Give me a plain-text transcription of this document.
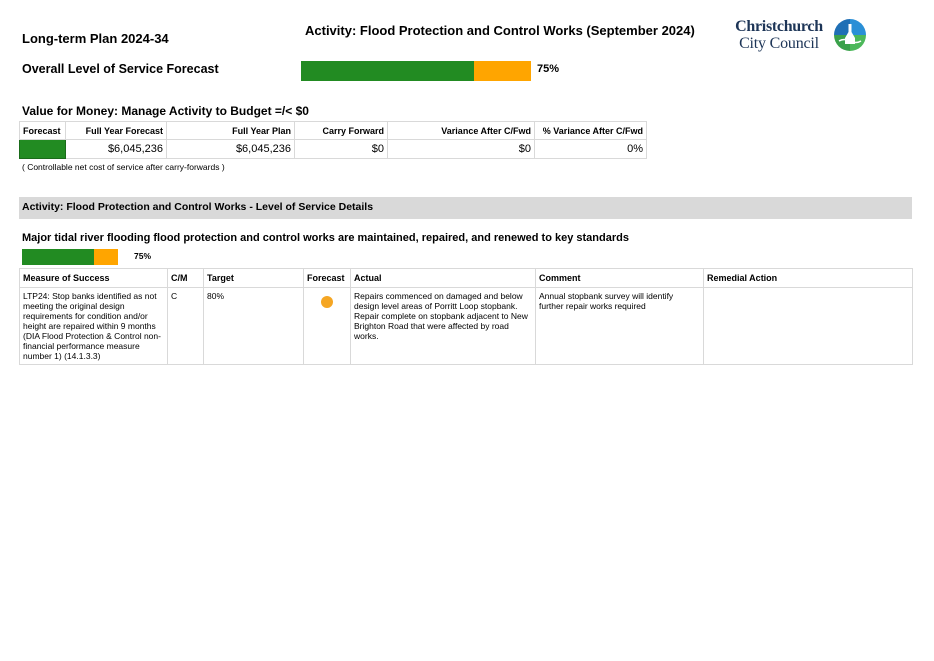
Long-term Plan 2024-34
Activity: Flood Protection and Control Works (September 2024)
Overall Level of Service Forecast	75%
Christchurch
City Council
Value for Money: Manage Activity to Budget =/< $0
Forecast	Full Year Forecast	Full Year Plan	Carry Forward	Variance After C/Fwd	% Variance After C/Fwd
	$6,045,236	$6,045,236	$0	$0	0%
( Controllable net cost of service after carry-forwards )
Activity: Flood Protection and Control Works - Level of Service Details
Major tidal river flooding flood protection and control works are maintained, repaired, and renewed to key standards
75%
Measure of Success	C/M	Target	Forecast	Actual	Comment	Remedial Action
LTP24: Stop banks identified as not meeting the original design requirements for condition and/or height are repaired within 9 months (DIA Flood Protection & Control non- financial performance measure number 1) (14.1.3.3)	C	80%		Repairs commenced on damaged and below design level areas of Porritt Loop stopbank. Repair complete on stopbank adjacent to New Brighton Road that were affected by road works.	Annual stopbank survey will identify further repair works required	
